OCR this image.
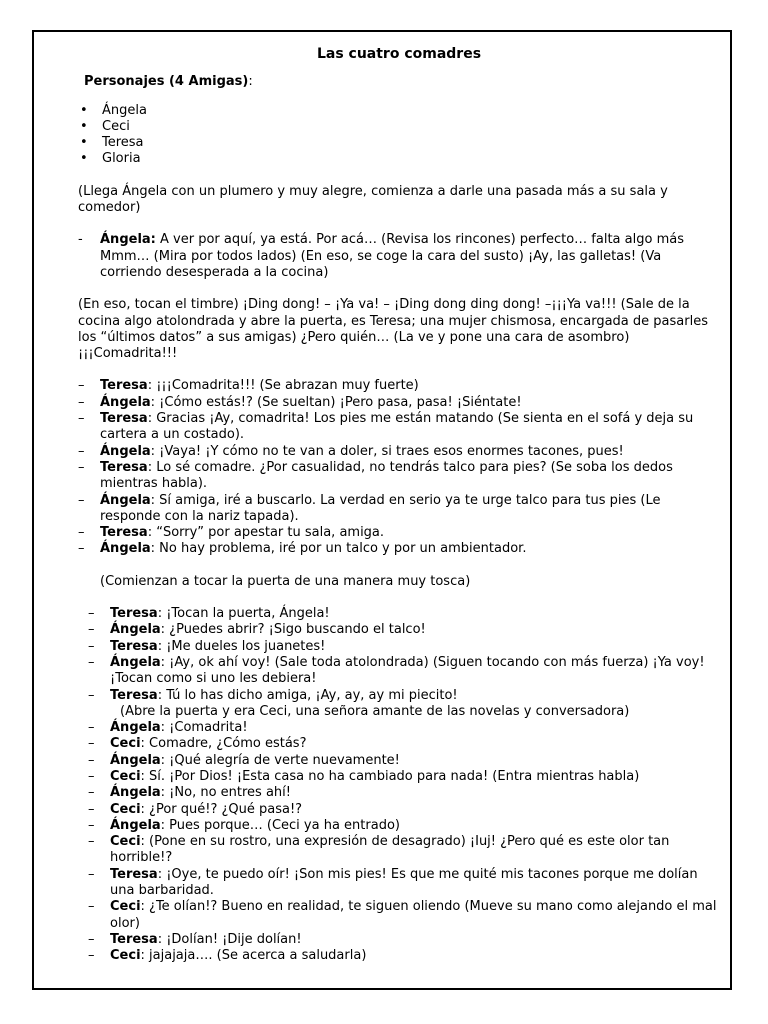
Las cuatro comadres
Personajes (4 Amigas):
• Ángela
• Ceci
• Teresa
• Gloria
(Llega Ángela con un plumero y muy alegre, comienza a darle una pasada más a su sala y comedor)
- Ángela: A ver por aquí, ya está. Por acá… (Revisa los rincones) perfecto… falta algo más Mmm… (Mira por todos lados) (En eso, se coge la cara del susto) ¡Ay, las galletas! (Va corriendo desesperada a la cocina)
(En eso, tocan el timbre) ¡Ding dong! – ¡Ya va! – ¡Ding dong ding dong! –¡¡¡Ya va!!! (Sale de la cocina algo atolondrada y abre la puerta, es Teresa; una mujer chismosa, encargada de pasarles los “últimos datos” a sus amigas) ¿Pero quién… (La ve y pone una cara de asombro) ¡¡¡Comadrita!!!
– Teresa: ¡¡¡Comadrita!!! (Se abrazan muy fuerte)
– Ángela: ¡Cómo estás!? (Se sueltan) ¡Pero pasa, pasa! ¡Siéntate!
– Teresa: Gracias ¡Ay, comadrita! Los pies me están matando (Se sienta en el sofá y deja su cartera a un costado).
– Ángela: ¡Vaya! ¡Y cómo no te van a doler, si traes esos enormes tacones, pues!
– Teresa: Lo sé comadre. ¿Por casualidad, no tendrás talco para pies? (Se soba los dedos mientras habla).
– Ángela: Sí amiga, iré a buscarlo. La verdad en serio ya te urge talco para tus pies (Le responde con la nariz tapada).
– Teresa: “Sorry” por apestar tu sala, amiga.
– Ángela: No hay problema, iré por un talco y por un ambientador.
(Comienzan a tocar la puerta de una manera muy tosca)
– Teresa: ¡Tocan la puerta, Ángela!
– Ángela: ¿Puedes abrir? ¡Sigo buscando el talco!
– Teresa: ¡Me dueles los juanetes!
– Ángela: ¡Ay, ok ahí voy! (Sale toda atolondrada) (Siguen tocando con más fuerza) ¡Ya voy! ¡Tocan como si uno les debiera!
– Teresa: Tú lo has dicho amiga, ¡Ay, ay, ay mi piecito!
(Abre la puerta y era Ceci, una señora amante de las novelas y conversadora)
– Ángela: ¡Comadrita!
– Ceci: Comadre, ¿Cómo estás?
– Ángela: ¡Qué alegría de verte nuevamente!
– Ceci: Sí. ¡Por Dios! ¡Esta casa no ha cambiado para nada! (Entra mientras habla)
– Ángela: ¡No, no entres ahí!
– Ceci: ¿Por qué!? ¿Qué pasa!?
– Ángela: Pues porque… (Ceci ya ha entrado)
– Ceci: (Pone en su rostro, una expresión de desagrado) ¡Iuj! ¿Pero qué es este olor tan horrible!?
– Teresa: ¡Oye, te puedo oír! ¡Son mis pies! Es que me quité mis tacones porque me dolían una barbaridad.
– Ceci: ¿Te olían!? Bueno en realidad, te siguen oliendo (Mueve su mano como alejando el mal olor)
– Teresa: ¡Dolían! ¡Dije dolían!
– Ceci: jajajaja…. (Se acerca a saludarla)
